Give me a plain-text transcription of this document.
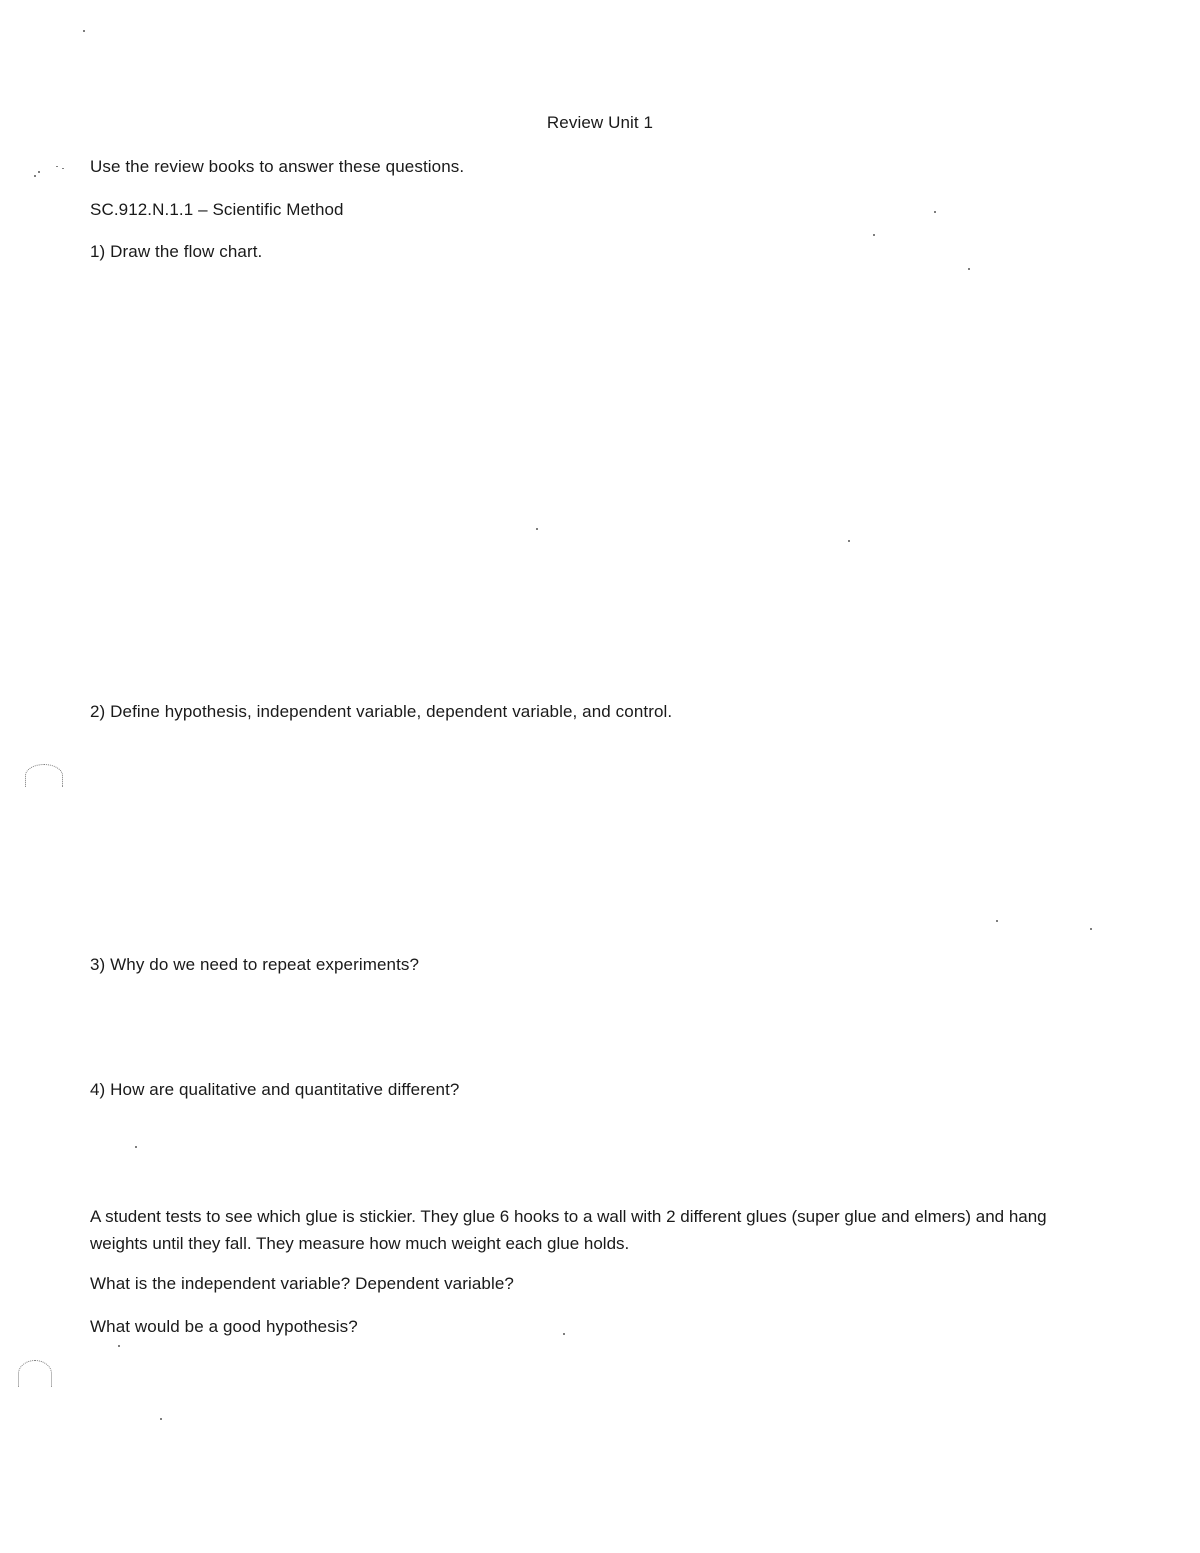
Review Unit 1
Use the review books to answer these questions.
SC.912.N.1.1 – Scientific Method
1) Draw the flow chart.
2) Define hypothesis, independent variable, dependent variable, and control.
3) Why do we need to repeat experiments?
4) How are qualitative and quantitative different?
A student tests to see which glue is stickier. They glue 6 hooks to a wall with 2 different glues (super glue and elmers) and hang weights until they fall. They measure how much weight each glue holds.
What is the independent variable? Dependent variable?
What would be a good hypothesis?
